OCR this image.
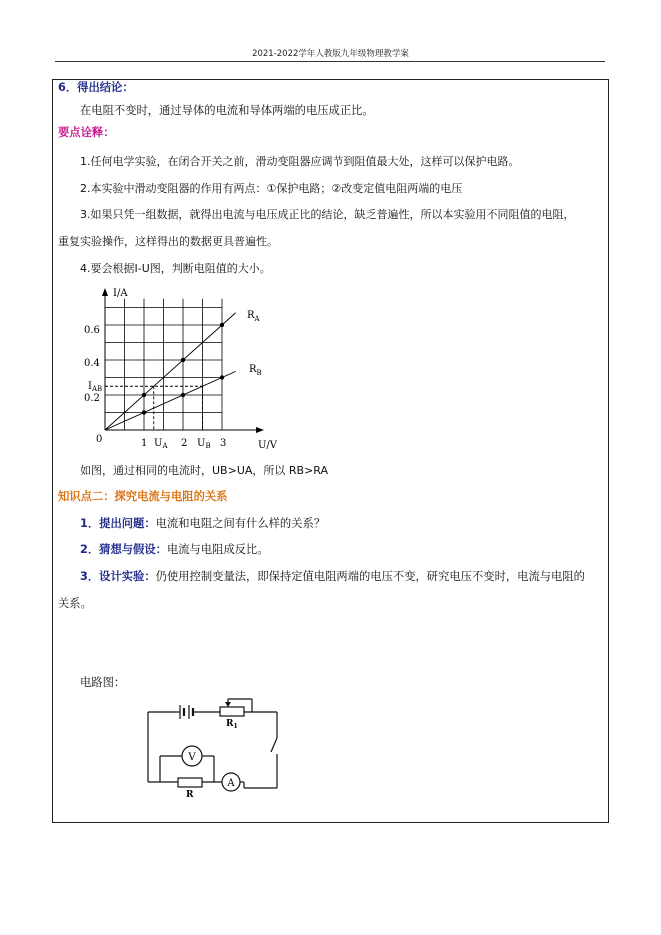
2021-2022学年人教版九年级物理教学案
6．得出结论：
在电阻不变时，通过导体的电流和导体两端的电压成正比。
要点诠释：
1.任何电学实验，在闭合开关之前，滑动变阻器应调节到阻值最大处，这样可以保护电路。
2.本实验中滑动变阻器的作用有两点：①保护电路；②改变定值电阻两端的电压
3.如果只凭一组数据，就得出电流与电压成正比的结论，缺乏普遍性，所以本实验用不同阻值的电阻，
重复实验操作，这样得出的数据更具普遍性。
4.要会根据I-U图，判断电阻值的大小。
I/A
U/V
0
0.6
0.4
0.2
1	2	3
$U_A$	$U_B$
$I_{AB}$
$R_A$
$R_B$
如图，通过相同的电流时，UB>UA，所以 RB>RA
知识点二：探究电流与电阻的关系
1．提出问题：电流和电阻之间有什么样的关系？
2．猜想与假设：电流与电阻成反比。
3．设计实验：仍使用控制变量法，即保持定值电阻两端的电压不变，研究电压不变时，电流与电阻的
关系。
电路图：
V
A
$R_1$
R
